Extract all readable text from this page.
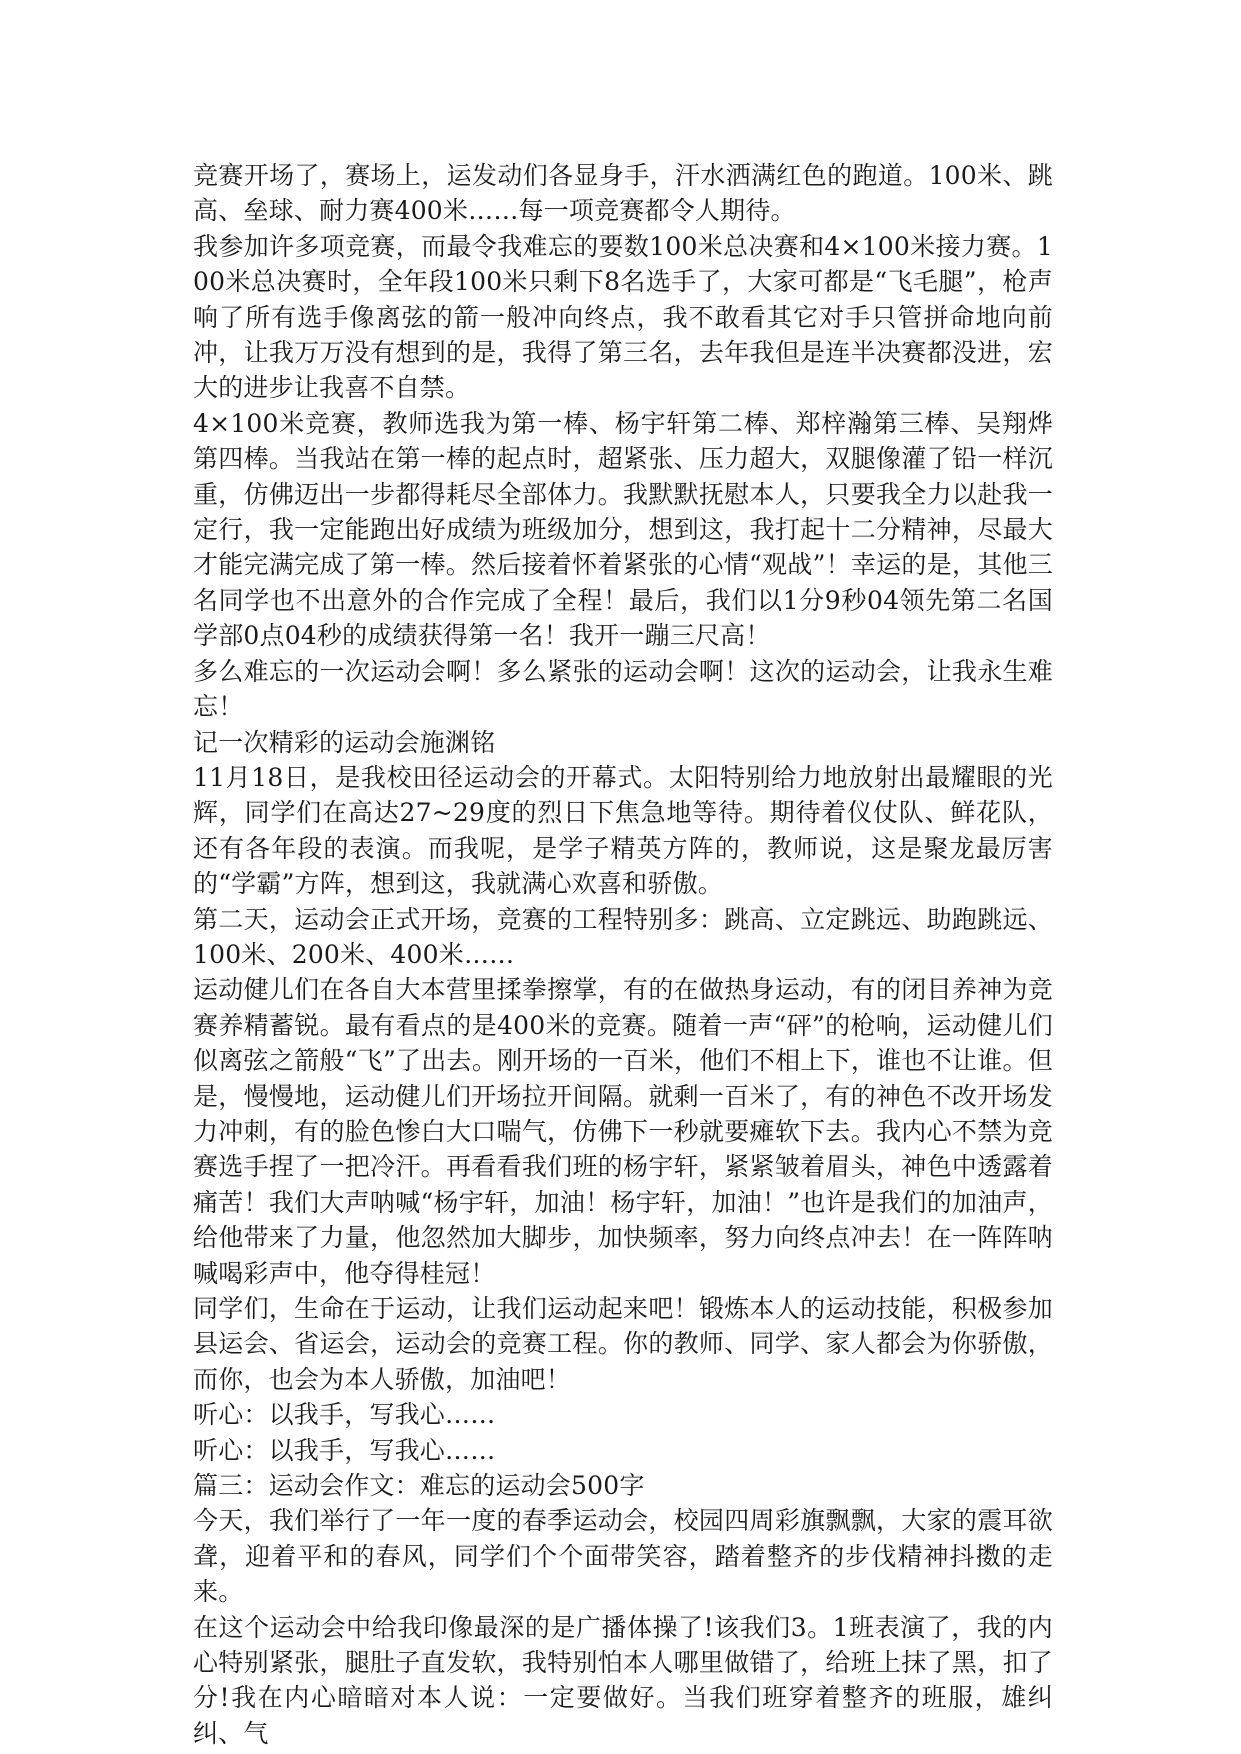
竞赛开场了，赛场上，运发动们各显身手，汗水洒满红色的跑道。100米、跳高、垒球、耐力赛400米……每一项竞赛都令人期待。

我参加许多项竞赛，而最令我难忘的要数100米总决赛和4×100米接力赛。100米总决赛时，全年段100米只剩下8名选手了，大家可都是“飞毛腿”，枪声响了所有选手像离弦的箭一般冲向终点，我不敢看其它对手只管拼命地向前冲，让我万万没有想到的是，我得了第三名，去年我但是连半决赛都没进，宏大的进步让我喜不自禁。

4×100米竞赛，教师选我为第一棒、杨宇轩第二棒、郑梓瀚第三棒、吴翔烨第四棒。当我站在第一棒的起点时，超紧张、压力超大，双腿像灌了铅一样沉重，仿佛迈出一步都得耗尽全部体力。我默默抚慰本人，只要我全力以赴我一定行，我一定能跑出好成绩为班级加分，想到这，我打起十二分精神，尽最大才能完满完成了第一棒。然后接着怀着紧张的心情“观战”！幸运的是，其他三名同学也不出意外的合作完成了全程！最后，我们以1分9秒04领先第二名国学部0点04秒的成绩获得第一名！我开一蹦三尺高！

多么难忘的一次运动会啊！多么紧张的运动会啊！这次的运动会，让我永生难忘！

记一次精彩的运动会施渊铭

11月18日，是我校田径运动会的开幕式。太阳特别给力地放射出最耀眼的光辉，同学们在高达27~29度的烈日下焦急地等待。期待着仪仗队、鲜花队，还有各年段的表演。而我呢，是学子精英方阵的，教师说，这是聚龙最厉害的“学霸”方阵，想到这，我就满心欢喜和骄傲。

第二天，运动会正式开场，竞赛的工程特别多：跳高、立定跳远、助跑跳远、100米、200米、400米……

运动健儿们在各自大本营里揉拳擦掌，有的在做热身运动，有的闭目养神为竞赛养精蓄锐。最有看点的是400米的竞赛。随着一声“砰”的枪响，运动健儿们似离弦之箭般“飞”了出去。刚开场的一百米，他们不相上下，谁也不让谁。但是，慢慢地，运动健儿们开场拉开间隔。就剩一百米了，有的神色不改开场发力冲刺，有的脸色惨白大口喘气，仿佛下一秒就要瘫软下去。我内心不禁为竞赛选手捏了一把冷汗。再看看我们班的杨宇轩，紧紧皱着眉头，神色中透露着痛苦！我们大声呐喊“杨宇轩，加油！杨宇轩，加油！”也许是我们的加油声，给他带来了力量，他忽然加大脚步，加快频率，努力向终点冲去！在一阵阵呐喊喝彩声中，他夺得桂冠！

同学们，生命在于运动，让我们运动起来吧！锻炼本人的运动技能，积极参加县运会、省运会，运动会的竞赛工程。你的教师、同学、家人都会为你骄傲，而你，也会为本人骄傲，加油吧！

听心：以我手，写我心……

听心：以我手，写我心……

篇三：运动会作文：难忘的运动会500字

今天，我们举行了一年一度的春季运动会，校园四周彩旗飘飘，大家的震耳欲聋，迎着平和的春风，同学们个个面带笑容，踏着整齐的步伐精神抖擞的走来。

在这个运动会中给我印像最深的是广播体操了!该我们3。1班表演了，我的内心特别紧张，腿肚子直发软，我特别怕本人哪里做错了，给班上抹了黑，扣了分!我在内心暗暗对本人说：一定要做好。当我们班穿着整齐的班服，雄纠纠、气
